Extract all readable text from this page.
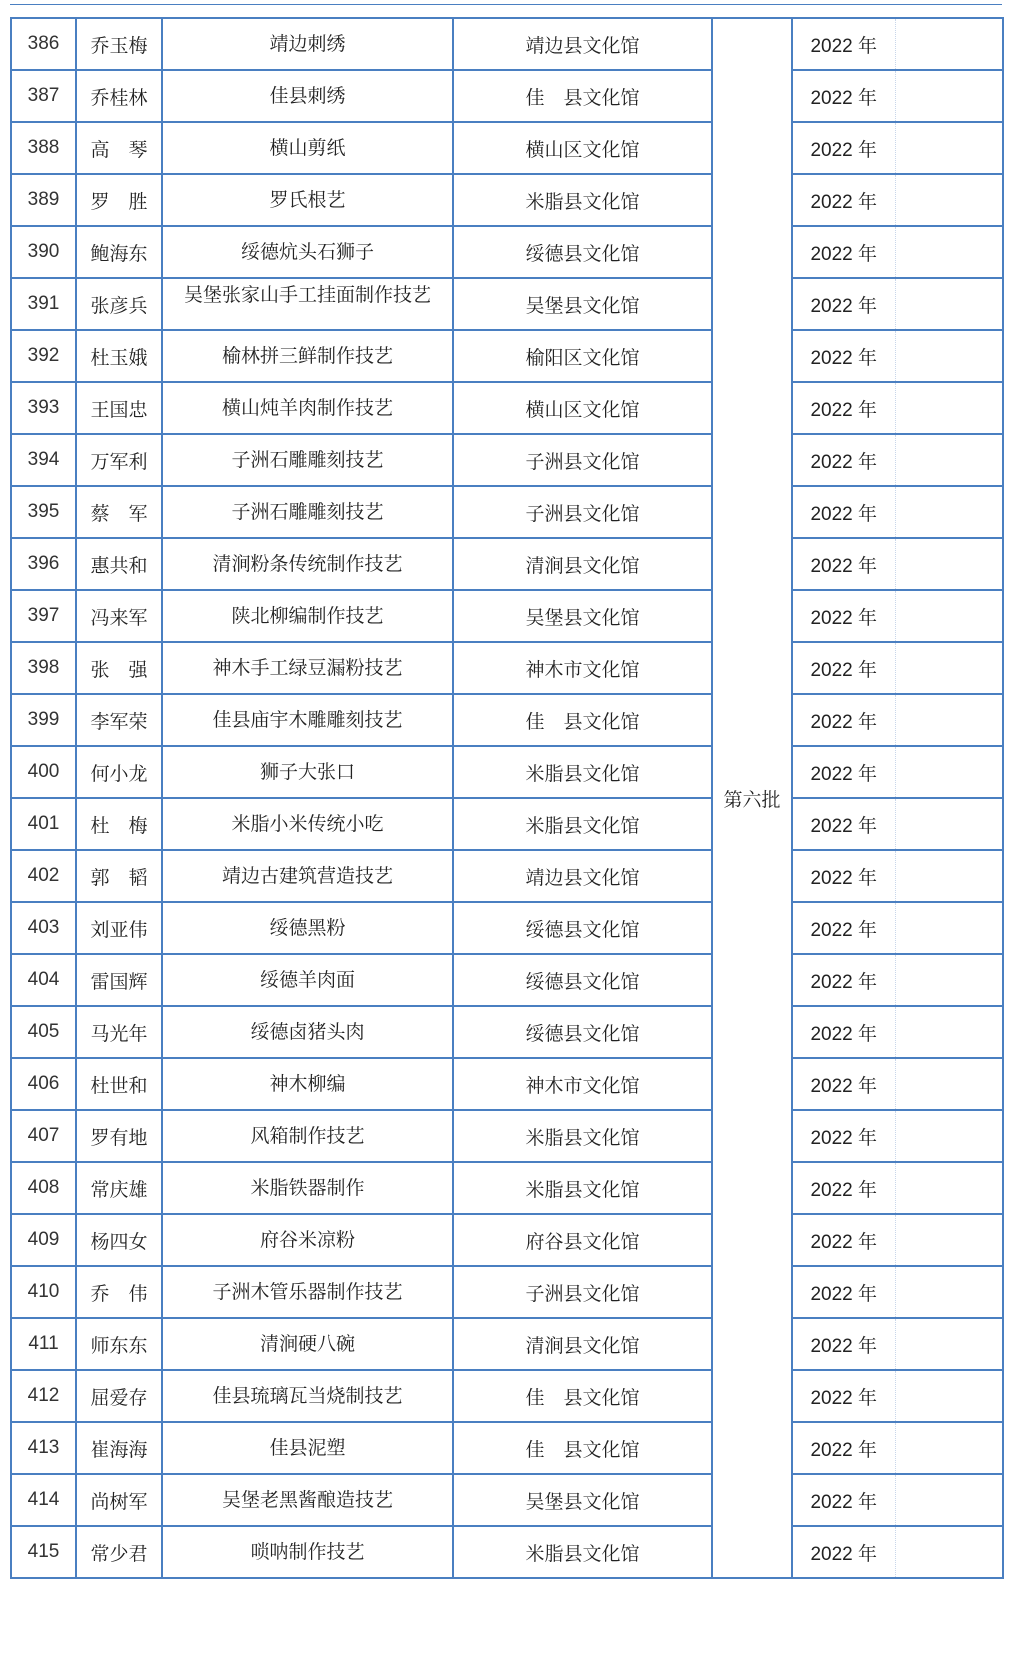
386	乔玉梅	靖边刺绣	靖边县文化馆	第六批	2022 年	
387	乔桂林	佳县刺绣	佳　县文化馆		2022 年	
388	高　琴	横山剪纸	横山区文化馆		2022 年	
389	罗　胜	罗氏根艺	米脂县文化馆		2022 年	
390	鲍海东	绥德炕头石狮子	绥德县文化馆		2022 年	
391	张彦兵	吴堡张家山手工挂面制作技艺	吴堡县文化馆		2022 年	
392	杜玉娥	榆林拼三鲜制作技艺	榆阳区文化馆		2022 年	
393	王国忠	横山炖羊肉制作技艺	横山区文化馆		2022 年	
394	万军利	子洲石雕雕刻技艺	子洲县文化馆		2022 年	
395	蔡　军	子洲石雕雕刻技艺	子洲县文化馆		2022 年	
396	惠共和	清涧粉条传统制作技艺	清涧县文化馆		2022 年	
397	冯来军	陕北柳编制作技艺	吴堡县文化馆		2022 年	
398	张　强	神木手工绿豆漏粉技艺	神木市文化馆		2022 年	
399	李军荣	佳县庙宇木雕雕刻技艺	佳　县文化馆		2022 年	
400	何小龙	狮子大张口	米脂县文化馆		2022 年	
401	杜　梅	米脂小米传统小吃	米脂县文化馆		2022 年	
402	郭　韬	靖边古建筑营造技艺	靖边县文化馆		2022 年	
403	刘亚伟	绥德黑粉	绥德县文化馆		2022 年	
404	雷国辉	绥德羊肉面	绥德县文化馆		2022 年	
405	马光年	绥德卤猪头肉	绥德县文化馆		2022 年	
406	杜世和	神木柳编	神木市文化馆		2022 年	
407	罗有地	风箱制作技艺	米脂县文化馆		2022 年	
408	常庆雄	米脂铁器制作	米脂县文化馆		2022 年	
409	杨四女	府谷米凉粉	府谷县文化馆		2022 年	
410	乔　伟	子洲木管乐器制作技艺	子洲县文化馆		2022 年	
411	师东东	清涧硬八碗	清涧县文化馆		2022 年	
412	屈爱存	佳县琉璃瓦当烧制技艺	佳　县文化馆		2022 年	
413	崔海海	佳县泥塑	佳　县文化馆		2022 年	
414	尚树军	吴堡老黑酱酿造技艺	吴堡县文化馆		2022 年	
415	常少君	唢呐制作技艺	米脂县文化馆		2022 年	
